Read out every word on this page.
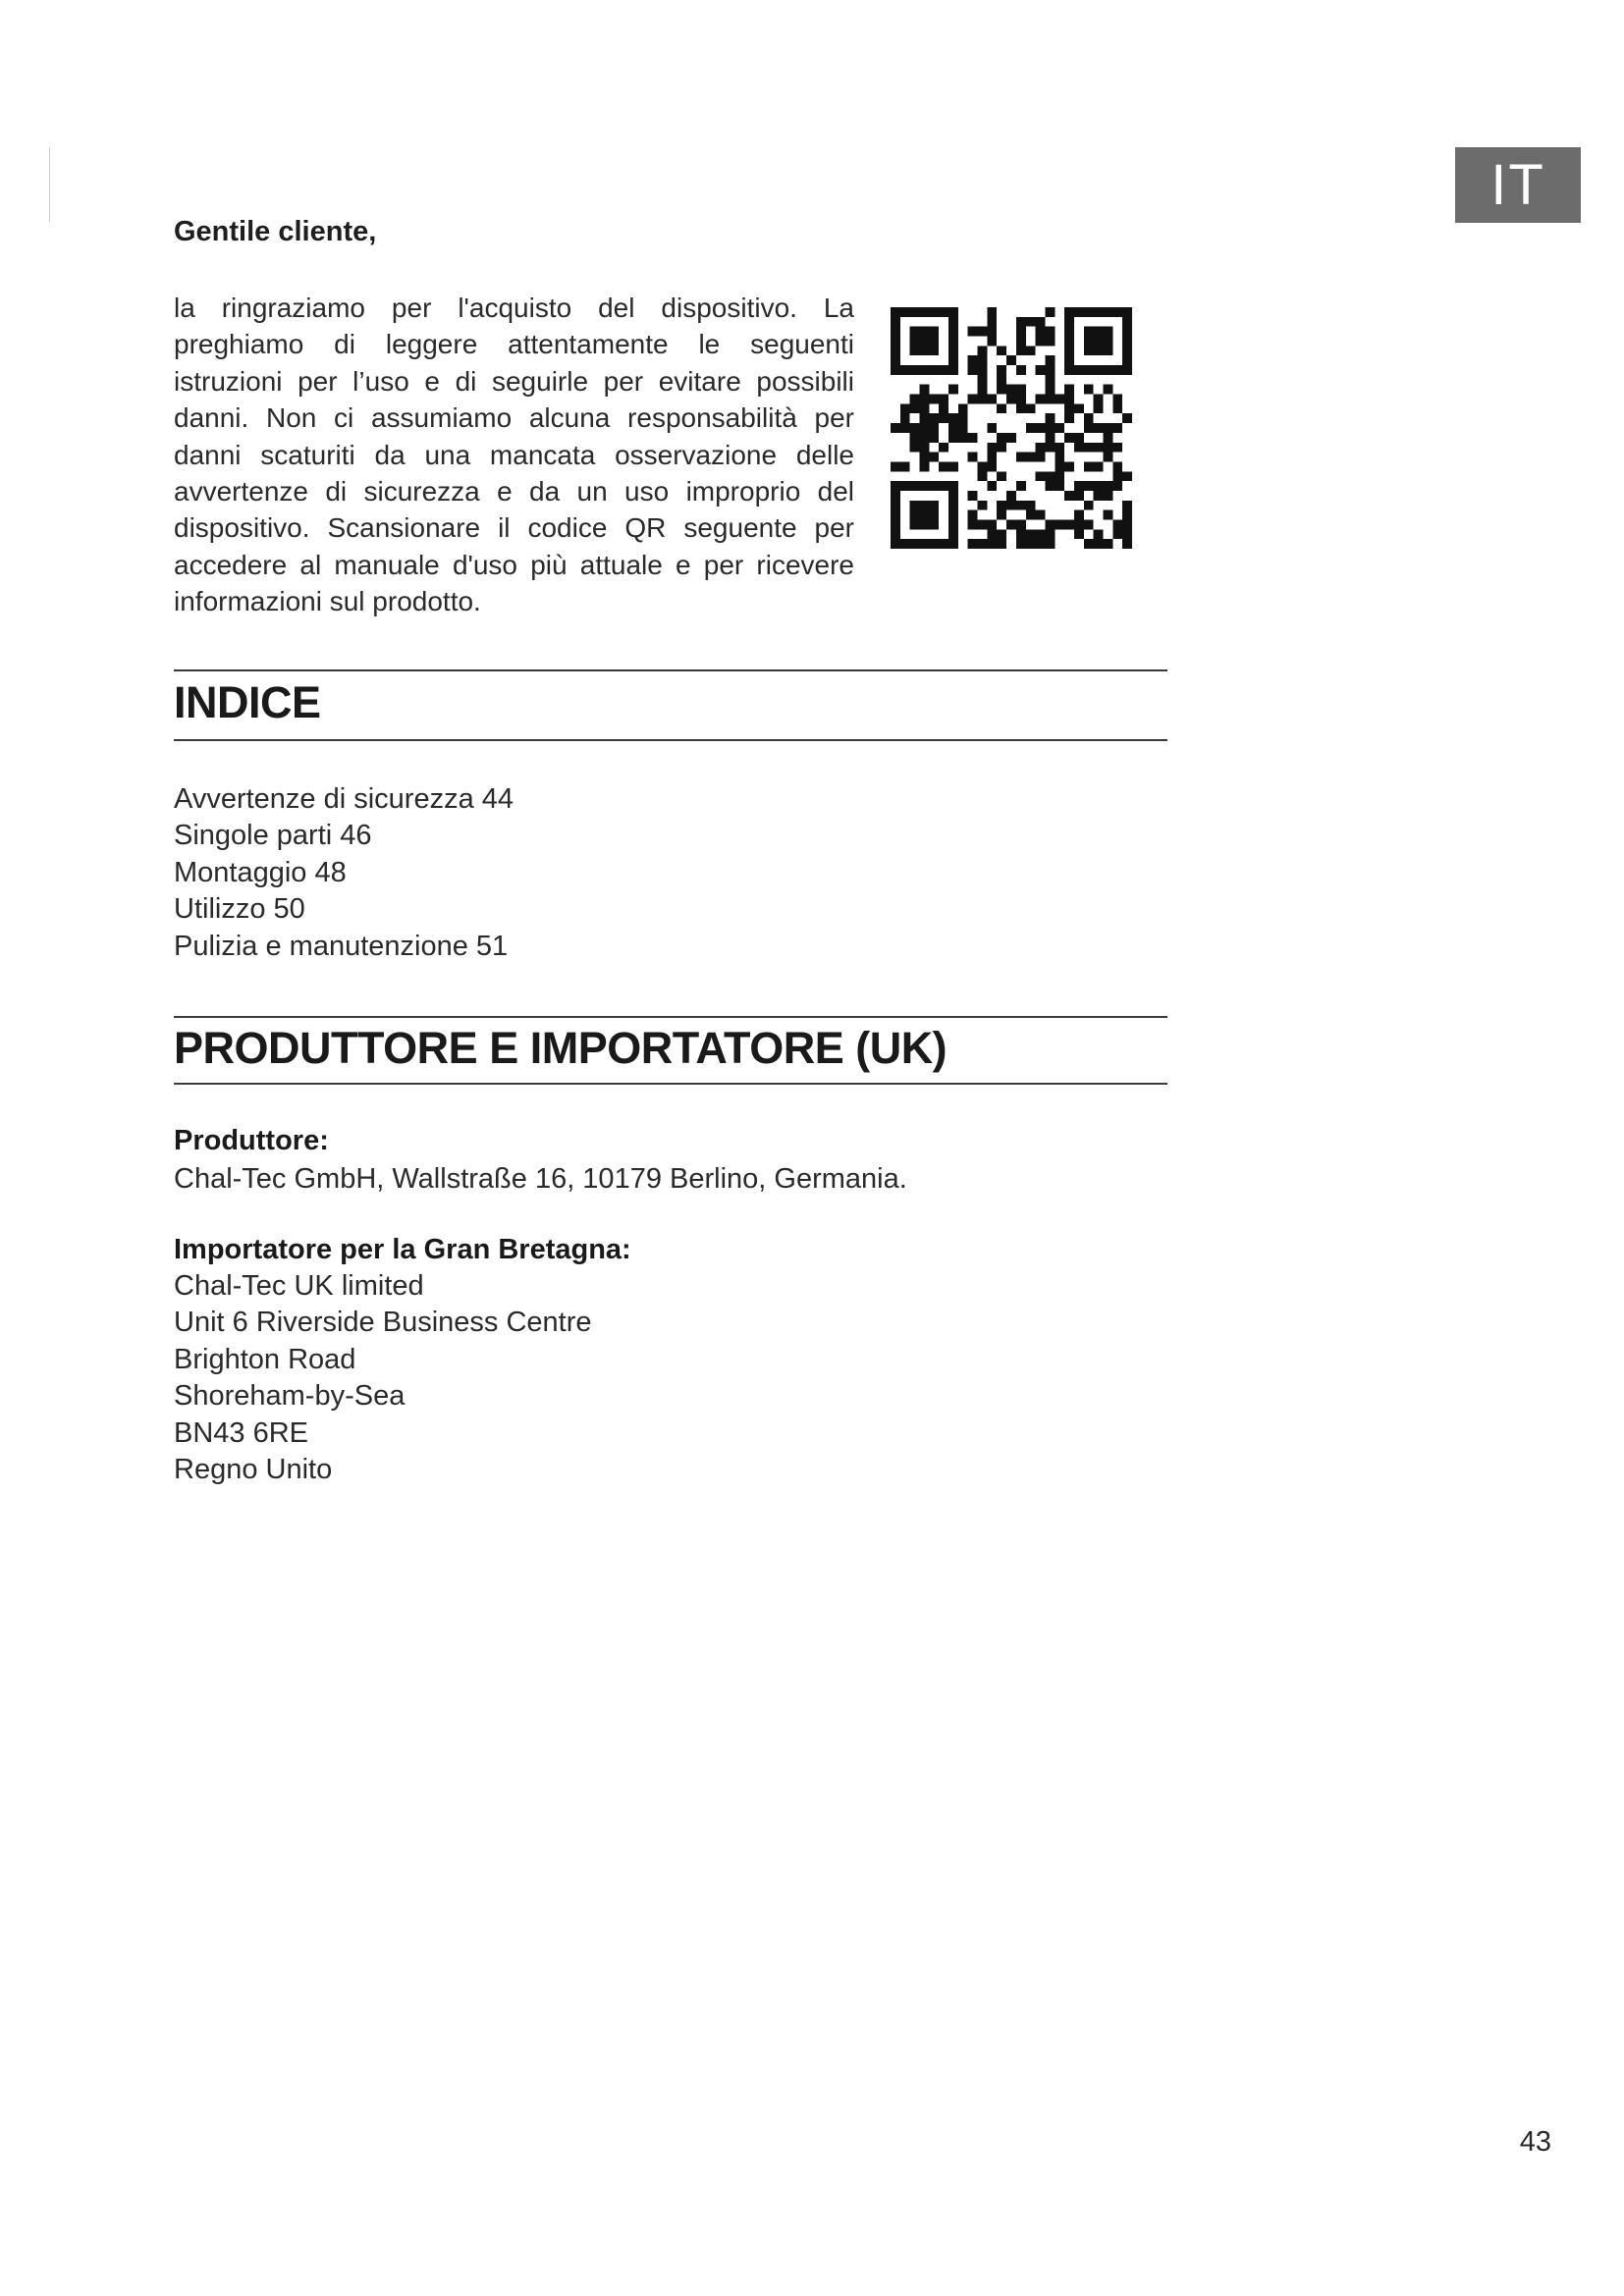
IT

Gentile cliente,

la ringraziamo per l'acquisto del dispositivo. La preghiamo di leggere attentamente le seguenti istruzioni per l’uso e di seguirle per evitare possibili danni. Non ci assumiamo alcuna responsabilità per danni scaturiti da una mancata osservazione delle avvertenze di sicurezza e da un uso improprio del dispositivo. Scansionare il codice QR seguente per accedere al manuale d'uso più attuale e per ricevere informazioni sul prodotto.

INDICE
Avvertenze di sicurezza 44
Singole parti 46
Montaggio 48
Utilizzo 50
Pulizia e manutenzione 51
PRODUTTORE E IMPORTATORE (UK)

Produttore:

Chal-Tec GmbH, Wallstraße 16, 10179 Berlino, Germania.

Importatore per la Gran Bretagna:

Chal-Tec UK limited
Unit 6 Riverside Business Centre
Brighton Road
Shoreham-by-Sea
BN43 6RE
Regno Unito
43
